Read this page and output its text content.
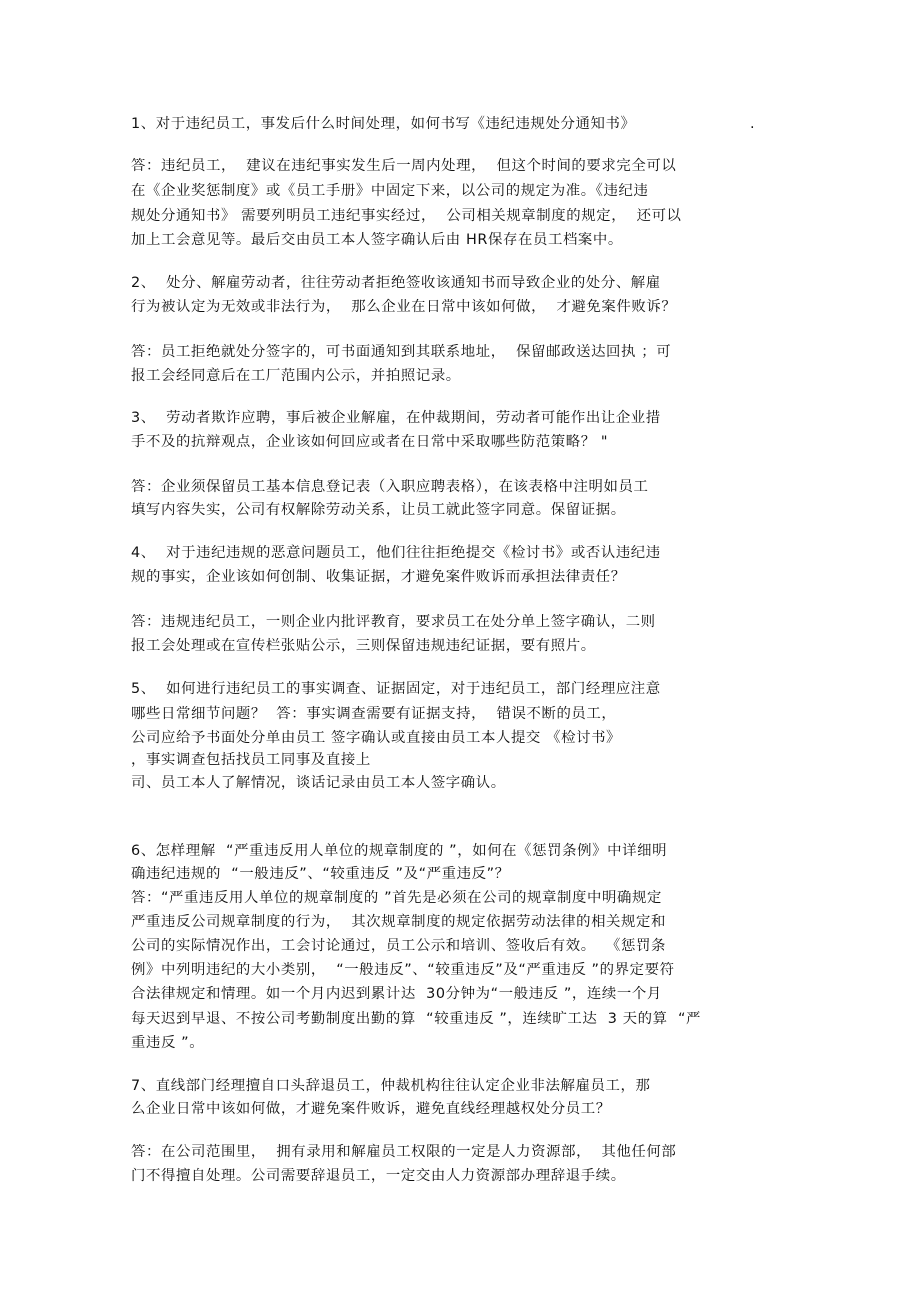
1、对于违纪员工，事发后什么时间处理，如何书写《违纪违规处分通知书》	.

答：违纪员工，  建议在违纪事实发生后一周内处理，  但这个时间的要求完全可以

在《企业奖惩制度》或《员工手册》中固定下来，以公司的规定为准。《违纪违

规处分通知书》 需要列明员工违纪事实经过，  公司相关规章制度的规定，  还可以

加上工会意见等。最后交由员工本人签字确认后由 HR保存在员工档案中。

2、  处分、解雇劳动者，往往劳动者拒绝签收该通知书而导致企业的处分、解雇

行为被认定为无效或非法行为，  那么企业在日常中该如何做，  才避免案件败诉？

答：员工拒绝就处分签字的，可书面通知到其联系地址，  保留邮政送达回执 ；可

报工会经同意后在工厂范围内公示，并拍照记录。

3、  劳动者欺诈应聘，事后被企业解雇，在仲裁期间，劳动者可能作出让企业措

手不及的抗辩观点，企业该如何回应或者在日常中采取哪些防范策略？ "

答：企业须保留员工基本信息登记表（入职应聘表格），在该表格中注明如员工

填写内容失实，公司有权解除劳动关系，让员工就此签字同意。保留证据。

4、  对于违纪违规的恶意问题员工，他们往往拒绝提交《检讨书》或否认违纪违

规的事实，企业该如何创制、收集证据，才避免案件败诉而承担法律责任？

答：违规违纪员工，一则企业内批评教育，要求员工在处分单上签字确认，二则

报工会处理或在宣传栏张贴公示，三则保留违规违纪证据，要有照片。

5、  如何进行违纪员工的事实调查、证据固定，对于违纪员工，部门经理应注意

哪些日常细节问题？  答：事实调查需要有证据支持，  错误不断的员工，

公司应给予书面处分单由员工 签字确认或直接由员工本人提交 《检讨书》

，事实调查包括找员工同事及直接上

司、员工本人了解情况，谈话记录由员工本人签字确认。

6、怎样理解  “严重违反用人单位的规章制度的 ”，如何在《惩罚条例》中详细明

确违纪违规的  “一般违反”、“较重违反 ”及“严重违反”？

答：“严重违反用人单位的规章制度的 ”首先是必须在公司的规章制度中明确规定

严重违反公司规章制度的行为，  其次规章制度的规定依据劳动法律的相关规定和

公司的实际情况作出，工会讨论通过，员工公示和培训、签收后有效。  《惩罚条

例》中列明违纪的大小类别，  “一般违反”、“较重违反”及“严重违反 ”的界定要符

合法律规定和情理。如一个月内迟到累计达  30分钟为“一般违反 ”，连续一个月

每天迟到早退、不按公司考勤制度出勤的算  “较重违反 ”，连续旷工达  3 天的算  “严

重违反 ”。

7、直线部门经理擅自口头辞退员工，仲裁机构往往认定企业非法解雇员工，那

么企业日常中该如何做，才避免案件败诉，避免直线经理越权处分员工？

答：在公司范围里，  拥有录用和解雇员工权限的一定是人力资源部，  其他任何部

门不得擅自处理。公司需要辞退员工，一定交由人力资源部办理辞退手续。
